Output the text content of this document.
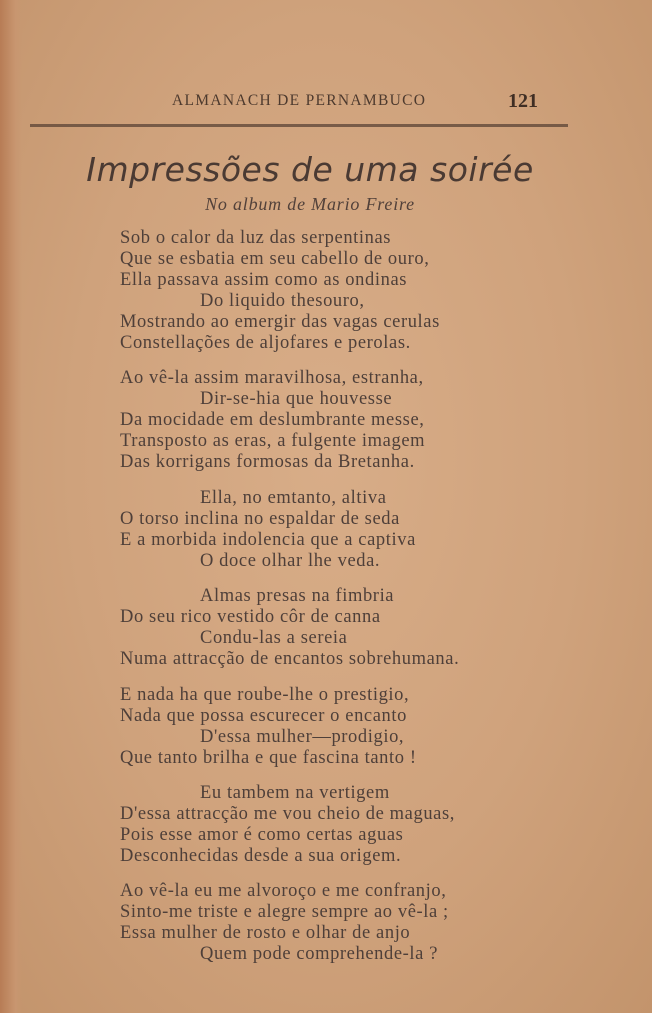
ALMANACH DE PERNAMBUCO	121
Impressões de uma soirée
No album de Mario Freire
Sob o calor da luz das serpentinas
Que se esbatia em seu cabello de ouro,
Ella passava assim como as ondinas
Do liquido thesouro,
Mostrando ao emergir das vagas cerulas
Constellações de aljofares e perolas.
Ao vê-la assim maravilhosa, estranha,
Dir-se-hia que houvesse
Da mocidade em deslumbrante messe,
Transposto as eras, a fulgente imagem
Das korrigans formosas da Bretanha.
Ella, no emtanto, altiva
O torso inclina no espaldar de seda
E a morbida indolencia que a captiva
O doce olhar lhe veda.
Almas presas na fimbria
Do seu rico vestido côr de canna
Condu-las a sereia
Numa attracção de encantos sobrehumana.
E nada ha que roube-lhe o prestigio,
Nada que possa escurecer o encanto
D'essa mulher—prodigio,
Que tanto brilha e que fascina tanto !
Eu tambem na vertigem
D'essa attracção me vou cheio de maguas,
Pois esse amor é como certas aguas
Desconhecidas desde a sua origem.
Ao vê-la eu me alvoroço e me confranjo,
Sinto-me triste e alegre sempre ao vê-la ;
Essa mulher de rosto e olhar de anjo
Quem pode comprehende-la ?
